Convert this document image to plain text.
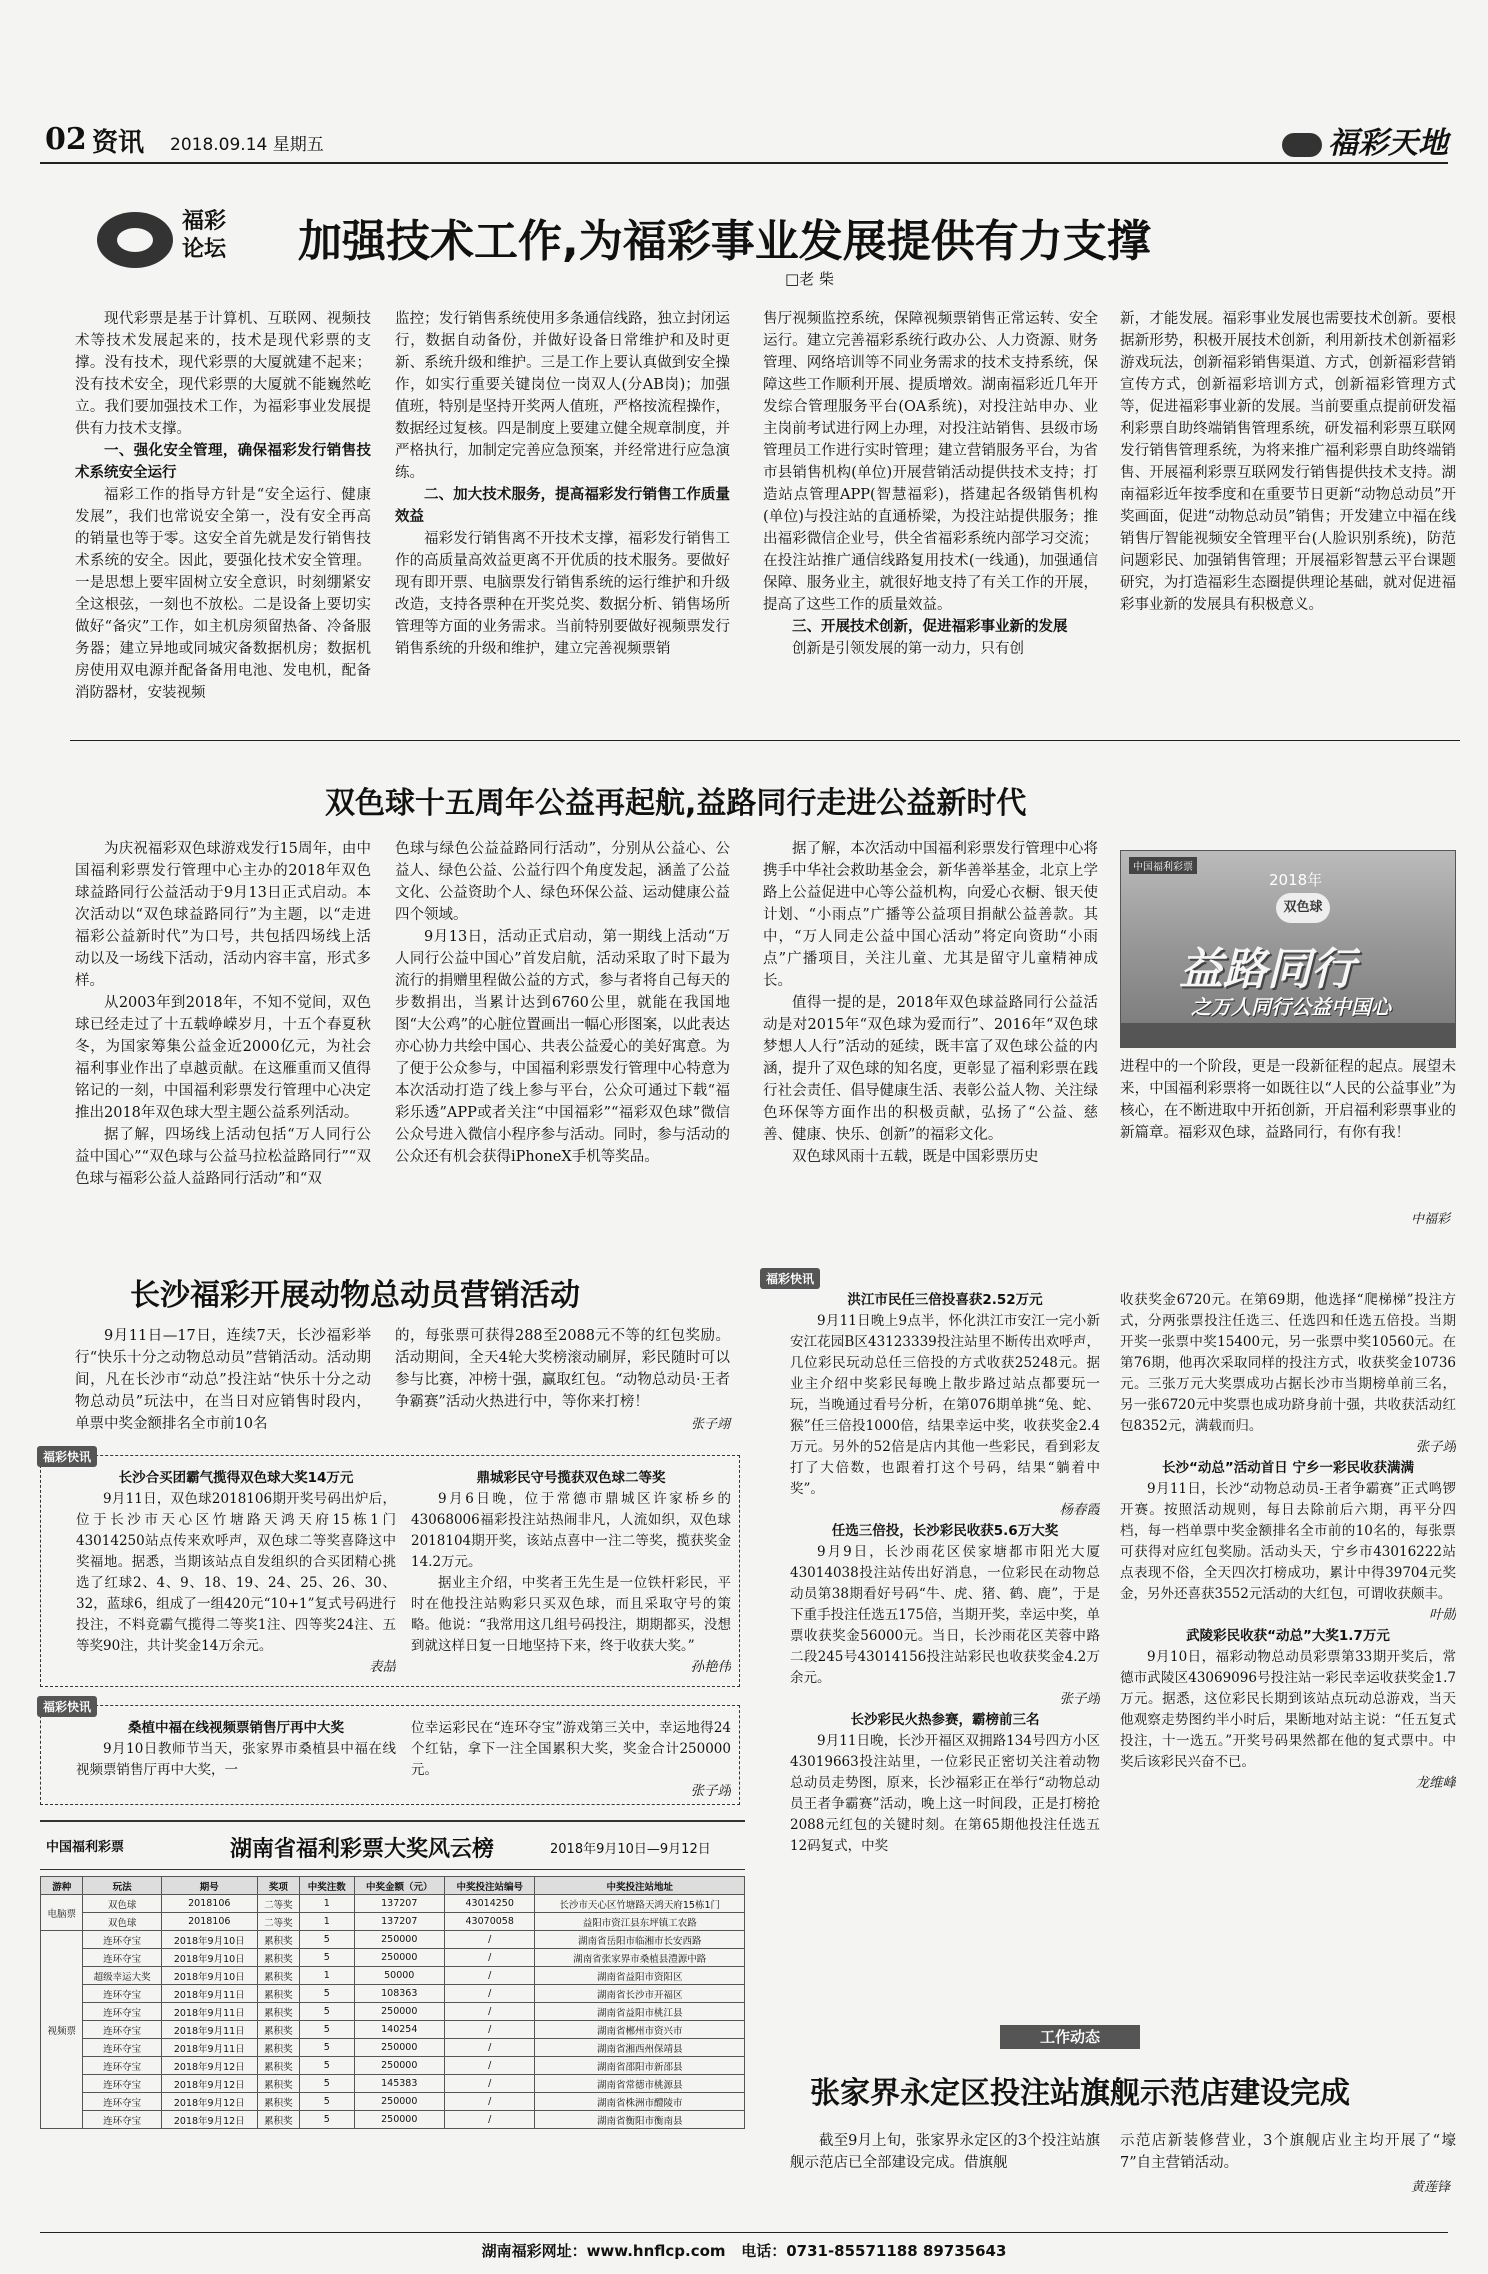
02 资讯 2018.09.14 星期五	福彩天地
福彩论坛	加强技术工作,为福彩事业发展提供有力支撑
□老 柴

现代彩票是基于计算机、互联网、视频技术等技术发展起来的，技术是现代彩票的支撑。没有技术，现代彩票的大厦就建不起来；没有技术安全，现代彩票的大厦就不能巍然屹立。我们要加强技术工作，为福彩事业发展提供有力技术支撑。

一、强化安全管理，确保福彩发行销售技术系统安全运行

福彩工作的指导方针是“安全运行、健康发展”，我们也常说安全第一，没有安全再高的销量也等于零。这安全首先就是发行销售技术系统的安全。因此，要强化技术安全管理。一是思想上要牢固树立安全意识，时刻绷紧安全这根弦，一刻也不放松。二是设备上要切实做好“备灾”工作，如主机房须留热备、冷备服务器；建立异地或同城灾备数据机房；数据机房使用双电源并配备备用电池、发电机，配备消防器材，安装视频

监控；发行销售系统使用多条通信线路，独立封闭运行，数据自动备份，并做好设备日常维护和及时更新、系统升级和维护。三是工作上要认真做到安全操作，如实行重要关键岗位一岗双人(分AB岗)；加强值班，特别是坚持开奖两人值班，严格按流程操作，数据经过复核。四是制度上要建立健全规章制度，并严格执行，加制定完善应急预案，并经常进行应急演练。

二、加大技术服务，提高福彩发行销售工作质量效益

福彩发行销售离不开技术支撑，福彩发行销售工作的高质量高效益更离不开优质的技术服务。要做好现有即开票、电脑票发行销售系统的运行维护和升级改造，支持各票种在开奖兑奖、数据分析、销售场所管理等方面的业务需求。当前特别要做好视频票发行销售系统的升级和维护，建立完善视频票销

售厅视频监控系统，保障视频票销售正常运转、安全运行。建立完善福彩系统行政办公、人力资源、财务管理、网络培训等不同业务需求的技术支持系统，保障这些工作顺利开展、提质增效。湖南福彩近几年开发综合管理服务平台(OA系统)，对投注站申办、业主岗前考试进行网上办理，对投注站销售、县级市场管理员工作进行实时管理；建立营销服务平台，为省市县销售机构(单位)开展营销活动提供技术支持；打造站点管理APP(智慧福彩)，搭建起各级销售机构(单位)与投注站的直通桥梁，为投注站提供服务；推出福彩微信企业号，供全省福彩系统内部学习交流；在投注站推广通信线路复用技术(一线通)，加强通信保障、服务业主，就很好地支持了有关工作的开展，提高了这些工作的质量效益。

三、开展技术创新，促进福彩事业新的发展

创新是引领发展的第一动力，只有创

新，才能发展。福彩事业发展也需要技术创新。要根据新形势，积极开展技术创新，利用新技术创新福彩游戏玩法，创新福彩销售渠道、方式，创新福彩营销宣传方式，创新福彩培训方式，创新福彩管理方式等，促进福彩事业新的发展。当前要重点提前研发福利彩票自助终端销售管理系统，研发福利彩票互联网发行销售管理系统，为将来推广福利彩票自助终端销售、开展福利彩票互联网发行销售提供技术支持。湖南福彩近年按季度和在重要节日更新“动物总动员”开奖画面，促进“动物总动员”销售；开发建立中福在线销售厅智能视频安全管理平台(人脸识别系统)，防范问题彩民、加强销售管理；开展福彩智慧云平台课题研究，为打造福彩生态圈提供理论基础，就对促进福彩事业新的发展具有积极意义。

双色球十五周年公益再起航,益路同行走进公益新时代

为庆祝福彩双色球游戏发行15周年，由中国福利彩票发行管理中心主办的2018年双色球益路同行公益活动于9月13日正式启动。本次活动以“双色球益路同行”为主题，以“走进福彩公益新时代”为口号，共包括四场线上活动以及一场线下活动，活动内容丰富，形式多样。

从2003年到2018年，不知不觉间，双色球已经走过了十五载峥嵘岁月，十五个春夏秋冬，为国家筹集公益金近2000亿元，为社会福利事业作出了卓越贡献。在这雁重而又值得铭记的一刻，中国福利彩票发行管理中心决定推出2018年双色球大型主题公益系列活动。

据了解，四场线上活动包括“万人同行公益中国心”“双色球与公益马拉松益路同行”“双色球与福彩公益人益路同行活动”和“双

色球与绿色公益益路同行活动”，分别从公益心、公益人、绿色公益、公益行四个角度发起，涵盖了公益文化、公益资助个人、绿色环保公益、运动健康公益四个领域。

9月13日，活动正式启动，第一期线上活动“万人同行公益中国心”首发启航，活动采取了时下最为流行的捐赠里程做公益的方式，参与者将自己每天的步数捐出，当累计达到6760公里，就能在我国地图“大公鸡”的心脏位置画出一幅心形图案，以此表达亦心协力共绘中国心、共表公益爱心的美好寓意。为了便于公众参与，中国福利彩票发行管理中心特意为本次活动打造了线上参与平台，公众可通过下载“福彩乐透”APP或者关注“中国福彩”“福彩双色球”微信公众号进入微信小程序参与活动。同时，参与活动的公众还有机会获得iPhoneX手机等奖品。

据了解，本次活动中国福利彩票发行管理中心将携手中华社会救助基金会，新华善举基金，北京上学路上公益促进中心等公益机构，向爱心衣橱、银天使计划、“小雨点”广播等公益项目捐献公益善款。其中，“万人同走公益中国心活动”将定向资助“小雨点”广播项目，关注儿童、尤其是留守儿童精神成长。

值得一提的是，2018年双色球益路同行公益活动是对2015年“双色球为爱而行”、2016年“双色球梦想人人行”活动的延续，既丰富了双色球公益的内涵，提升了双色球的知名度，更彰显了福利彩票在践行社会责任、倡导健康生活、表彰公益人物、关注绿色环保等方面作出的积极贡献，弘扬了“公益、慈善、健康、快乐、创新”的福彩文化。

双色球风雨十五载，既是中国彩票历史

中国福利彩票
2018年
双色球
益路同行
之万人同行公益中国心

进程中的一个阶段，更是一段新征程的起点。展望未来，中国福利彩票将一如既往以“人民的公益事业”为核心，在不断进取中开拓创新，开启福利彩票事业的新篇章。福彩双色球，益路同行，有你有我！

中福彩
长沙福彩开展动物总动员营销活动

9月11日—17日，连续7天，长沙福彩举行“快乐十分之动物总动员”营销活动。活动期间，凡在长沙市“动总”投注站“快乐十分之动物总动员”玩法中，在当日对应销售时段内，单票中奖金额排名全市前10名

的，每张票可获得288至2088元不等的红包奖励。活动期间，全天4轮大奖榜滚动刷屏，彩民随时可以参与比赛，冲榜十强，赢取红包。“动物总动员·王者争霸赛”活动火热进行中，等你来打榜！

张子翊
福彩快讯

长沙合买团霸气揽得双色球大奖14万元

9月11日，双色球2018106期开奖号码出炉后，位于长沙市天心区竹塘路天鸿天府15栋1门43014250站点传来欢呼声，双色球二等奖喜降这中奖福地。据悉，当期该站点自发组织的合买团精心挑选了红球2、4、9、18、19、24、25、26、30、32，蓝球6，组成了一组420元“10+1”复式号码进行投注，不料竟霸气揽得二等奖1注、四等奖24注、五等奖90注，共计奖金14万余元。

表喆

鼎城彩民守号揽获双色球二等奖

9月6日晚，位于常德市鼎城区许家桥乡的43068006福彩投注站热闹非凡，人流如织，双色球2018104期开奖，该站点喜中一注二等奖，揽获奖金14.2万元。

据业主介绍，中奖者王先生是一位铁杆彩民，平时在他投注站购彩只买双色球，而且采取守号的策略。他说：“我常用这几组号码投注，期期都买，没想到就这样日复一日地坚持下来，终于收获大奖。”

孙艳伟

福彩快讯

桑植中福在线视频票销售厅再中大奖

9月10日教师节当天，张家界市桑植县中福在线视频票销售厅再中大奖，一

位幸运彩民在“连环夺宝”游戏第三关中，幸运地得24个红钻，拿下一注全国累积大奖，奖金合计250000元。

张子翊

福彩快讯

洪江市民任三倍投喜获2.52万元

9月11日晚上9点半，怀化洪江市安江一完小新安江花园B区43123339投注站里不断传出欢呼声，几位彩民玩动总任三倍投的方式收获25248元。据业主介绍中奖彩民每晚上散步路过站点都要玩一玩，当晚通过看号分析，在第076期单挑“兔、蛇、猴”任三倍投1000倍，结果幸运中奖，收获奖金2.4万元。另外的52倍是店内其他一些彩民，看到彩友打了大倍数，也跟着打这个号码，结果“躺着中奖”。

杨春霞

任选三倍投，长沙彩民收获5.6万大奖

9月9日，长沙雨花区侯家塘都市阳光大厦43014038投注站传出好消息，一位彩民在动物总动员第38期看好号码“牛、虎、猪、鹤、鹿”，于是下重手投注任选五175倍，当期开奖，幸运中奖，单票收获奖金56000元。当日，长沙雨花区芙蓉中路二段245号43014156投注站彩民也收获奖金4.2万余元。

张子翊

长沙彩民火热参赛，霸榜前三名

9月11日晚，长沙开福区双拥路134号四方小区43019663投注站里，一位彩民正密切关注着动物总动员走势图，原来，长沙福彩正在举行“动物总动员王者争霸赛”活动，晚上这一时间段，正是打榜抢2088元红包的关键时刻。在第65期他投注任选五12码复式，中奖

收获奖金6720元。在第69期，他选择“爬梯梯”投注方式，分两张票投注任选三、任选四和任选五倍投。当期开奖一张票中奖15400元，另一张票中奖10560元。在第76期，他再次采取同样的投注方式，收获奖金10736元。三张万元大奖票成功占据长沙市当期榜单前三名，另一张6720元中奖票也成功跻身前十强，共收获活动红包8352元，满载而归。

张子翊

长沙“动总”活动首日 宁乡一彩民收获满满

9月11日，长沙“动物总动员-王者争霸赛”正式鸣锣开赛。按照活动规则，每日去除前后六期，再平分四档，每一档单票中奖金额排名全市前的10名的，每张票可获得对应红包奖励。活动头天，宁乡市43016222站点表现不俗，全天四次打榜成功，累计中得39704元奖金，另外还喜获3552元活动的大红包，可谓收获颇丰。

叶勋

武陵彩民收获“动总”大奖1.7万元

9月10日，福彩动物总动员彩票第33期开奖后，常德市武陵区43069096号投注站一彩民幸运收获奖金1.7万元。据悉，这位彩民长期到该站点玩动总游戏，当天他观察走势图约半小时后，果断地对站主说：“任五复式投注，十一选五。”开奖号码果然都在他的复式票中。中奖后该彩民兴奋不已。

龙维峰

中国福利彩票	湖南省福利彩票大奖风云榜	2018年9月10日—9月12日
游种	玩法	期号	奖项	中奖注数	中奖金额（元）	中奖投注站编号	中奖投注站地址
电脑票	双色球	2018106	二等奖	1	137207	43014250	长沙市天心区竹塘路天鸿天府15栋1门
	双色球	2018106	二等奖	1	137207	43070058	益阳市资江县东坪镇工农路
视频票	连环夺宝	2018年9月10日	累积奖	5	250000	/	湖南省岳阳市临湘市长安西路
	连环夺宝	2018年9月10日	累积奖	5	250000	/	湖南省张家界市桑植县澧源中路
	超级幸运大奖	2018年9月10日	累积奖	1	50000	/	湖南省益阳市资阳区
	连环夺宝	2018年9月11日	累积奖	5	108363	/	湖南省长沙市开福区
	连环夺宝	2018年9月11日	累积奖	5	250000	/	湖南省益阳市桃江县
	连环夺宝	2018年9月11日	累积奖	5	140254	/	湖南省郴州市资兴市
	连环夺宝	2018年9月11日	累积奖	5	250000	/	湖南省湘西州保靖县
	连环夺宝	2018年9月12日	累积奖	5	250000	/	湖南省邵阳市新邵县
	连环夺宝	2018年9月12日	累积奖	5	145383	/	湖南省常德市桃源县
	连环夺宝	2018年9月12日	累积奖	5	250000	/	湖南省株洲市醴陵市
	连环夺宝	2018年9月12日	累积奖	5	250000	/	湖南省衡阳市衡南县
工作动态
张家界永定区投注站旗舰示范店建设完成

截至9月上旬，张家界永定区的3个投注站旗舰示范店已全部建设完成。借旗舰

示范店新装修营业，3个旗舰店业主均开展了“壕7”自主营销活动。

黄莲锋
湖南福彩网址：www.hnflcp.com 电话：0731-85571188 89735643
